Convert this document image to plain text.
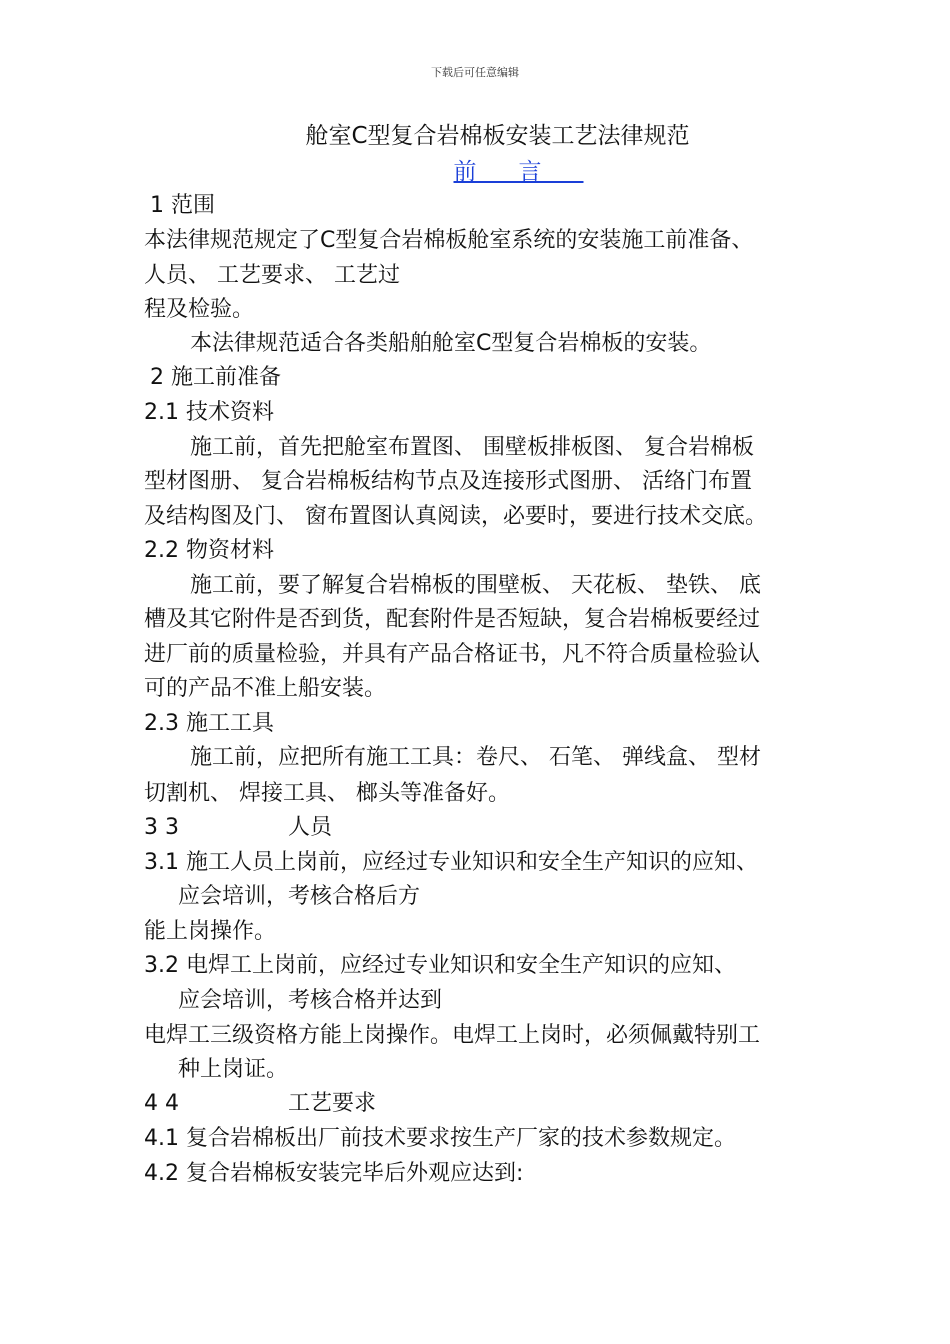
下载后可任意编辑
舱室C型复合岩棉板安装工艺法律规范
前言
1 范围
本法律规范规定了C型复合岩棉板舱室系统的安装施工前准备、
人员、 工艺要求、 工艺过
程及检验。
本法律规范适合各类船舶舱室C型复合岩棉板的安装。
2 施工前准备
2.1 技术资料
施工前，首先把舱室布置图、 围壁板排板图、 复合岩棉板
型材图册、 复合岩棉板结构节点及连接形式图册、 活络门布置
及结构图及门、 窗布置图认真阅读，必要时，要进行技术交底。
2.2 物资材料
施工前，要了解复合岩棉板的围壁板、 天花板、 垫铁、 底
槽及其它附件是否到货，配套附件是否短缺，复合岩棉板要经过
进厂前的质量检验，并具有产品合格证书，凡不符合质量检验认
可的产品不准上船安装。
2.3 施工工具
施工前，应把所有施工工具：卷尺、 石笔、 弹线盒、 型材
切割机、 焊接工具、 榔头等准备好。
3 3	人员
3.1 施工人员上岗前，应经过专业知识和安全生产知识的应知、
应会培训，考核合格后方
能上岗操作。
3.2 电焊工上岗前，应经过专业知识和安全生产知识的应知、
应会培训，考核合格并达到
电焊工三级资格方能上岗操作。电焊工上岗时，必须佩戴特别工
种上岗证。
4 4	工艺要求
4.1 复合岩棉板出厂前技术要求按生产厂家的技术参数规定。
4.2 复合岩棉板安装完毕后外观应达到:
